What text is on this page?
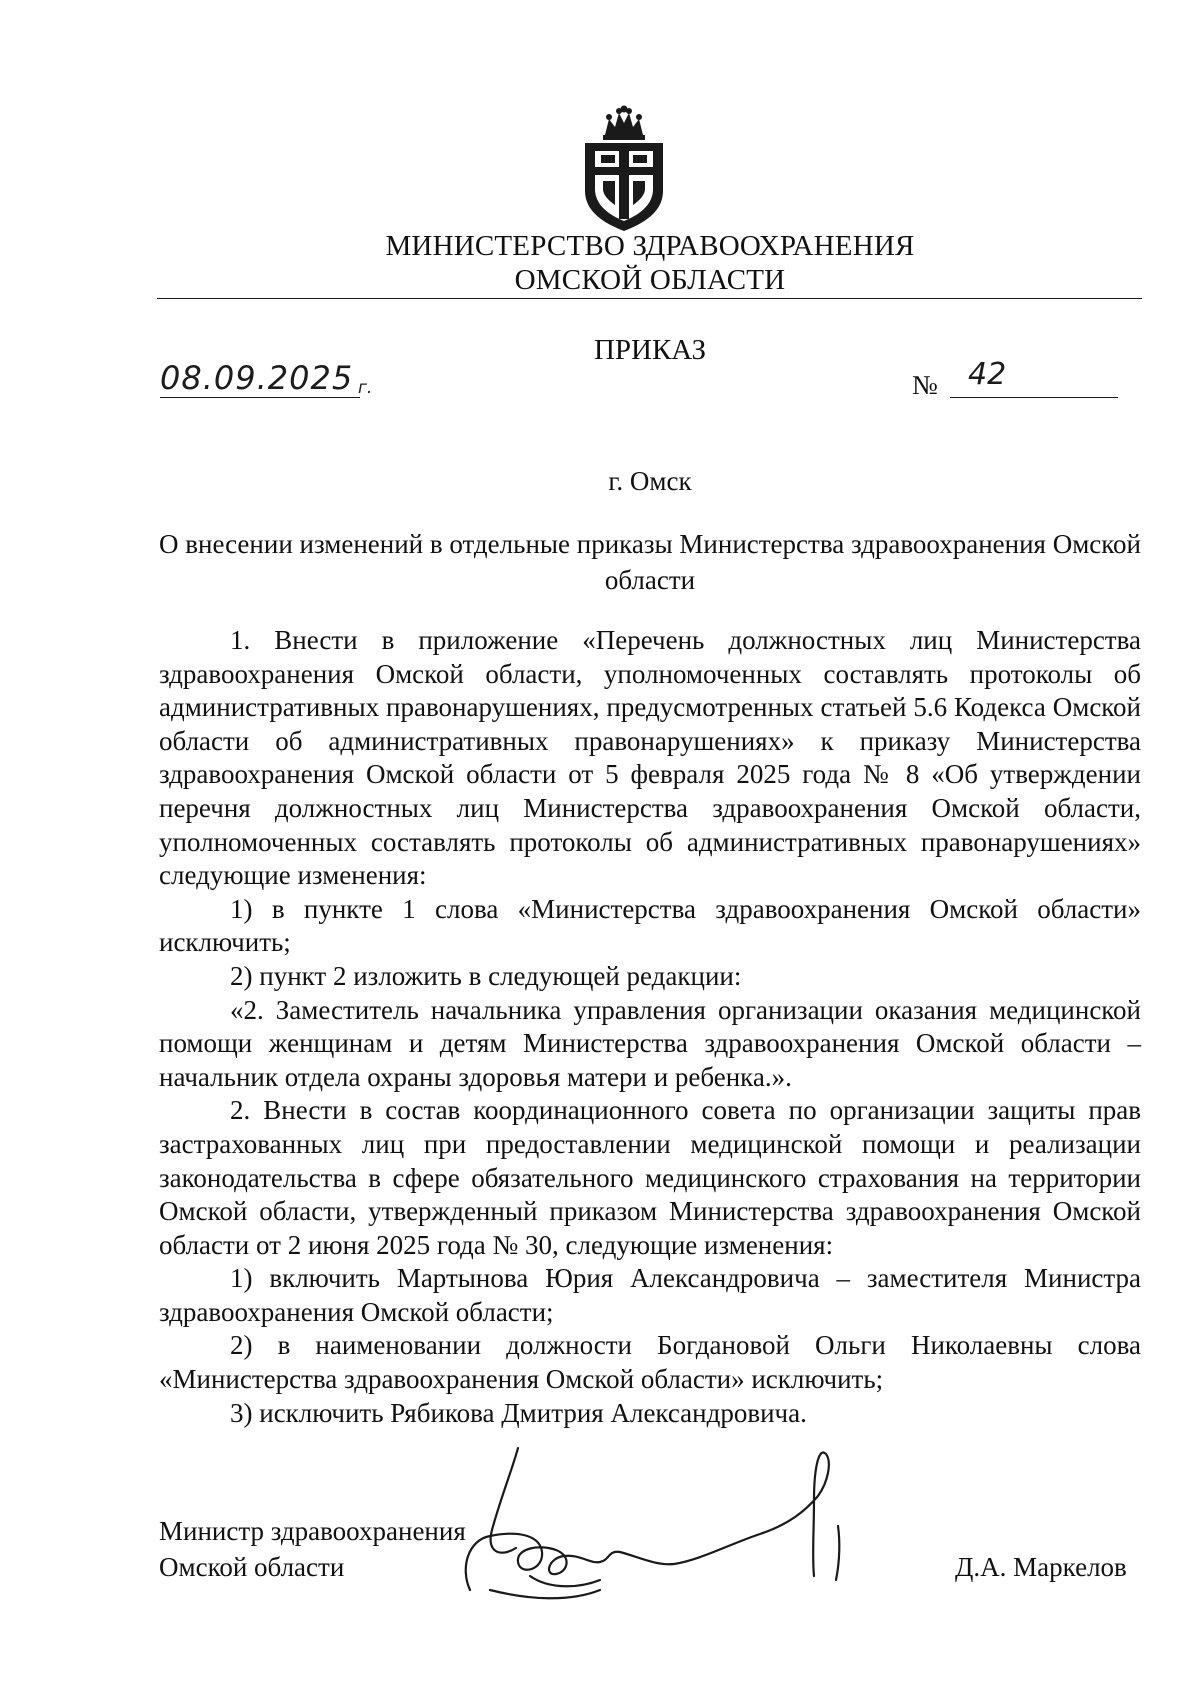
МИНИСТЕРСТВО ЗДРАВООХРАНЕНИЯ
ОМСКОЙ ОБЛАСТИ
ПРИКАЗ
08.09.2025 г.	№ 42
г. Омск
О внесении изменений в отдельные приказы Министерства здравоохранения Омской области

1. Внести в приложение «Перечень должностных лиц Министерства здравоохранения Омской области, уполномоченных составлять протоколы об административных правонарушениях, предусмотренных статьей 5.6 Кодекса Омской области об административных правонарушениях» к приказу Министерства здравоохранения Омской области от 5 февраля 2025 года № 8 «Об утверждении перечня должностных лиц Министерства здравоохранения Омской области, уполномоченных составлять протоколы об административных правонарушениях» следующие изменения:

1) в пункте 1 слова «Министерства здравоохранения Омской области» исключить;

2) пункт 2 изложить в следующей редакции:

«2. Заместитель начальника управления организации оказания медицинской помощи женщинам и детям Министерства здравоохранения Омской области – начальник отдела охраны здоровья матери и ребенка.».

2. Внести в состав координационного совета по организации защиты прав застрахованных лиц при предоставлении медицинской помощи и реализации законодательства в сфере обязательного медицинского страхования на территории Омской области, утвержденный приказом Министерства здравоохранения Омской области от 2 июня 2025 года № 30, следующие изменения:

1) включить Мартынова Юрия Александровича – заместителя Министра здравоохранения Омской области;

2) в наименовании должности Богдановой Ольги Николаевны слова «Министерства здравоохранения Омской области» исключить;

3) исключить Рябикова Дмитрия Александровича.

Министр здравоохранения
Омской области	Д.А. Маркелов
